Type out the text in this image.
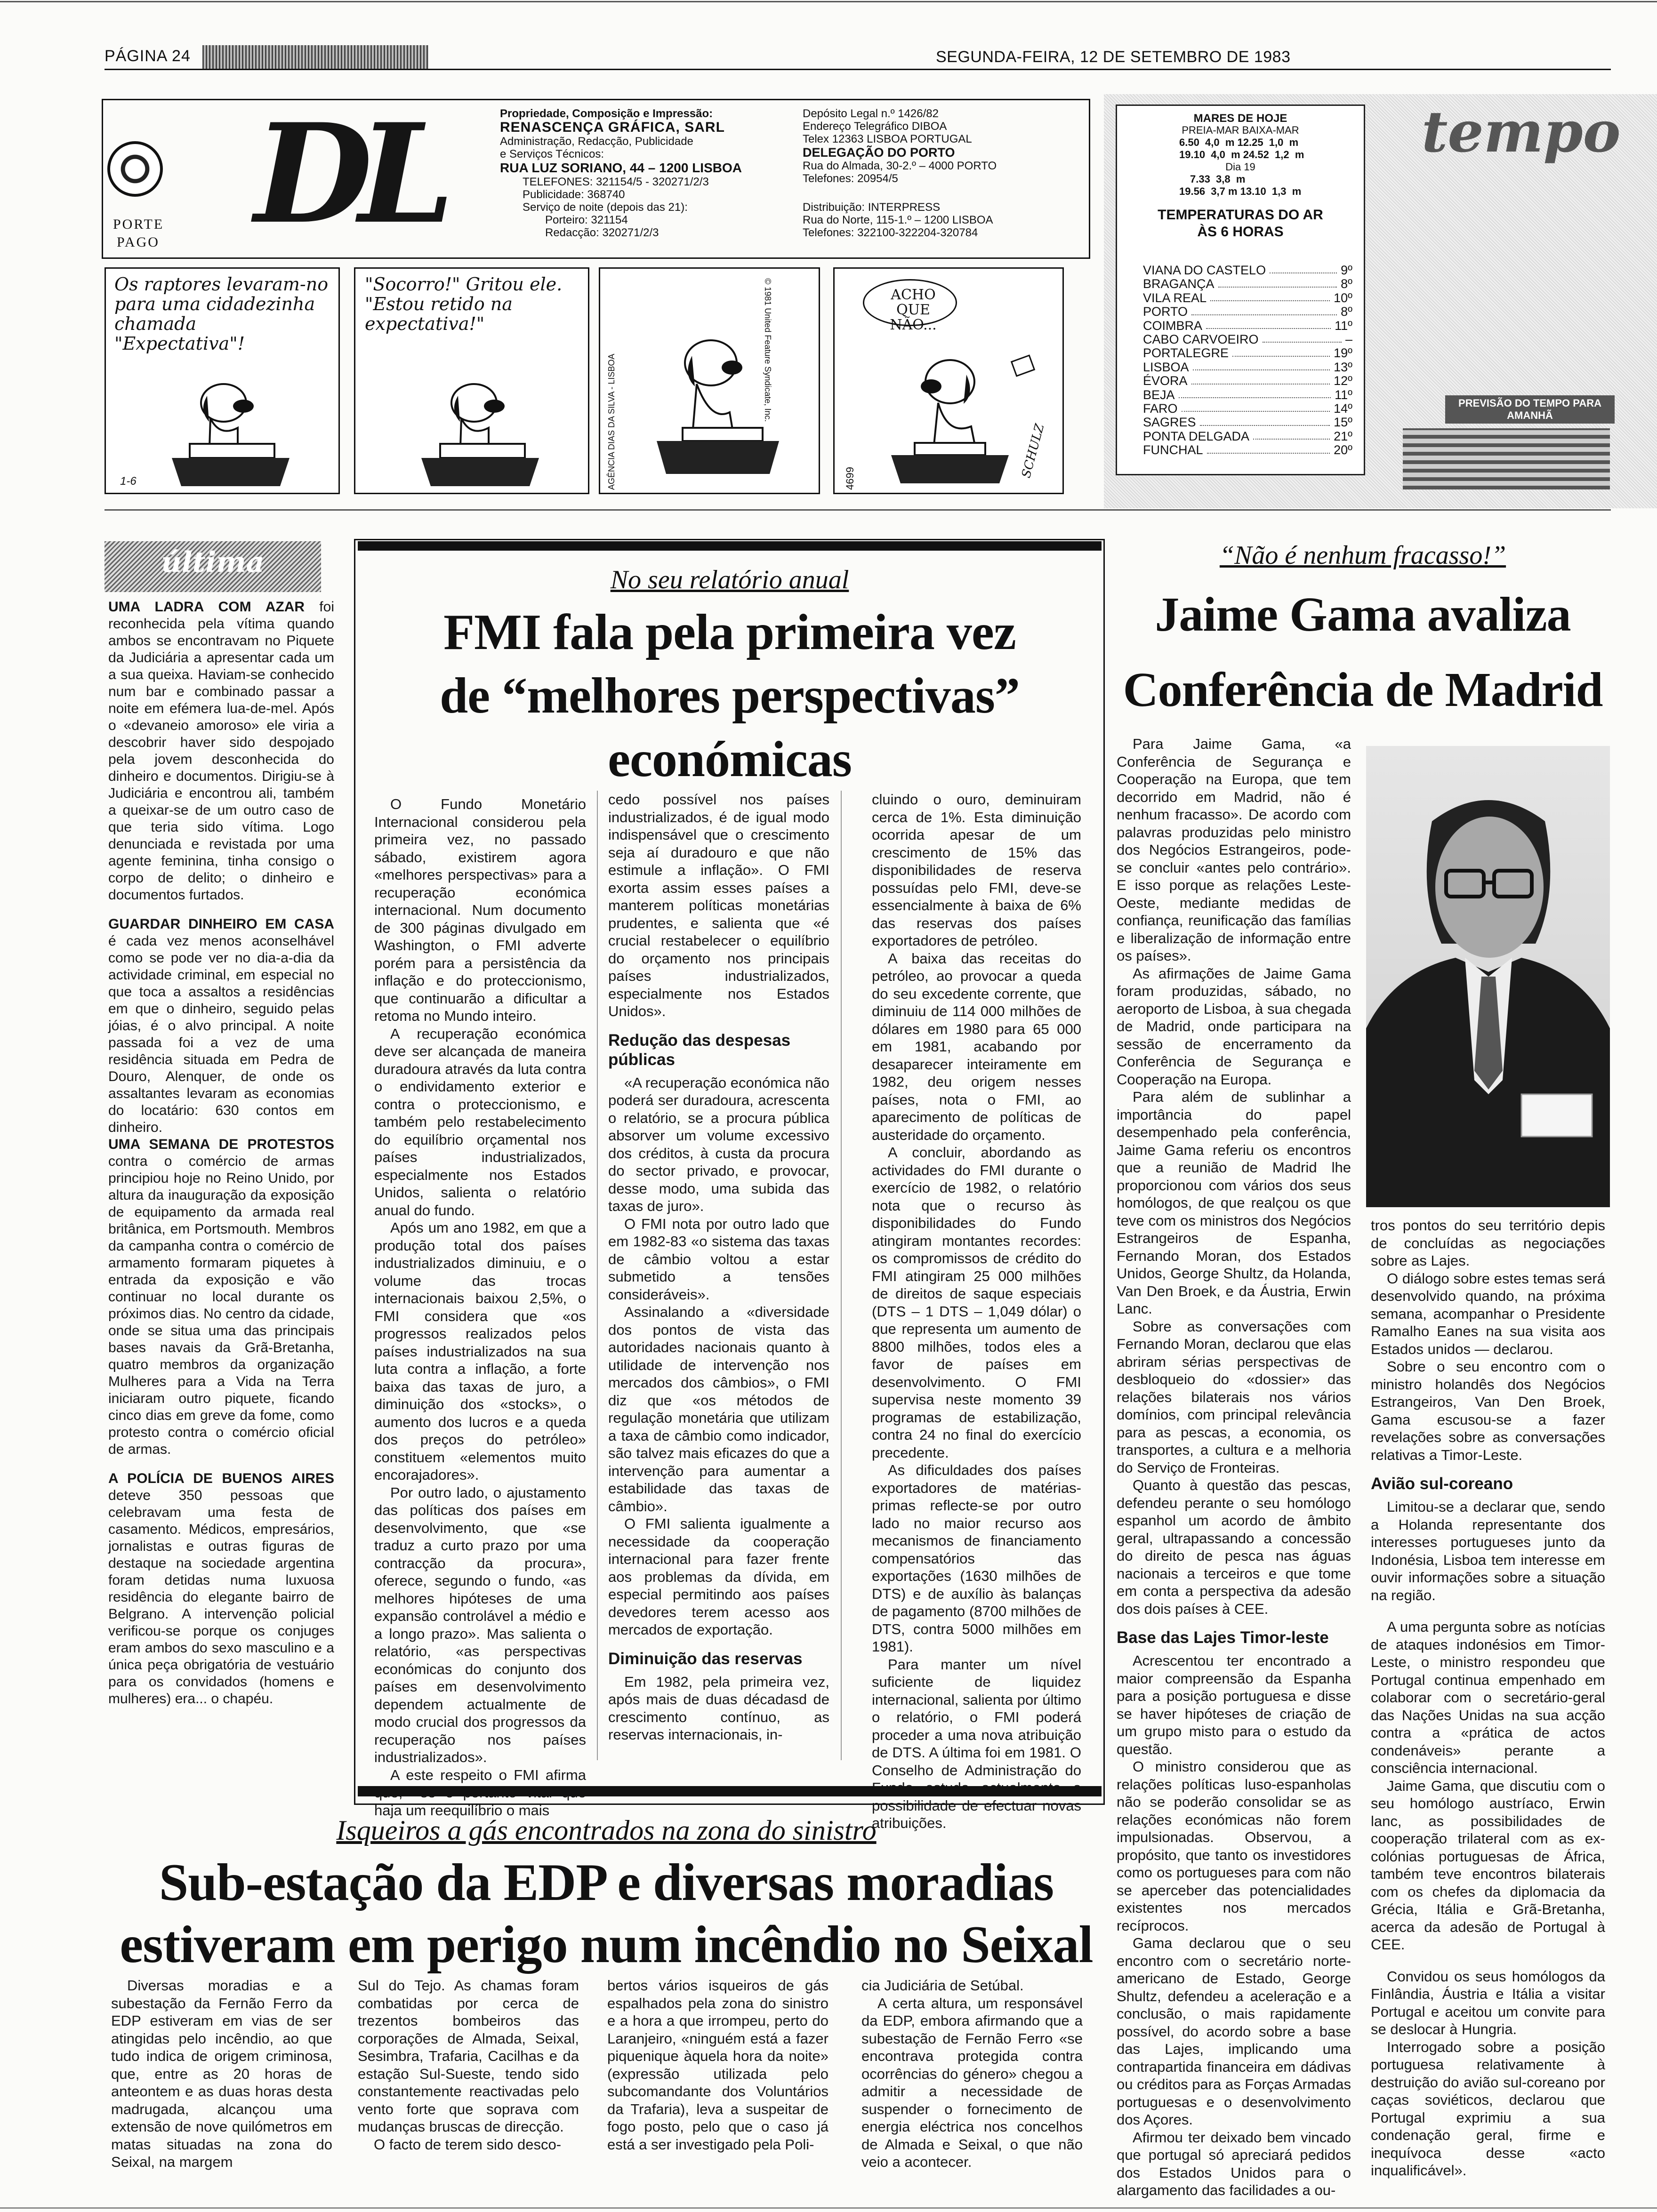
PÁGINA 24	SEGUNDA-FEIRA, 12 DE SETEMBRO DE 1983
PORTE
PAGO DL	Propriedade, Composição e Impressão:
RENASCENÇA GRÁFICA, SARL
Administração, Redacção, Publicidade
e Serviços Técnicos:
RUA LUZ SORIANO, 44 – 1200 LISBOA
TELEFONES: 321154/5 - 320271/2/3
Publicidade: 368740
Serviço de noite (depois das 21):
Porteiro: 321154
Redacção: 320271/2/3
Depósito Legal n.º 1426/82
Endereço Telegráfico DIBOA
Telex 12363 LISBOA PORTUGAL
DELEGAÇÃO DO PORTO
Rua do Almada, 30-2.º – 4000 PORTO
Telefones: 20954/5
Distribuição: INTERPRESS
Rua do Norte, 115-1.º – 1200 LISBOA
Telefones: 322100-322204-320784
Os raptores levaram-no para uma cidadezinha chamada "Expectativa"!
1-6
"Socorro!" Gritou ele. "Estou retido na expectativa!"	© 1981 United Feature Syndicate, Inc.
AGÊNCIA DIAS DA SILVA - LISBOA
ACHO QUE NÃO...
SCHULZ
4699
MARES DE HOJE
PREIA-MAR BAIXA-MAR
6.50  4,0  m 12.25  1,0  m
19.10  4,0  m 24.52  1,2  m
Dia 19
7.33  3,8  m
19.56  3,7 m 13.10  1,3  m
TEMPERATURAS DO AR
ÀS 6 HORAS
VIANA DO CASTELO	9º
BRAGANÇA	8º
VILA REAL	10º
PORTO	8º
COIMBRA	11º
CABO CARVOEIRO	–
PORTALEGRE	19º
LISBOA	13º
ÉVORA	12º
BEJA	11º
FARO	14º
SAGRES	15º
PONTA DELGADA	21º
FUNCHAL	20º
tempo
PREVISÃO DO TEMPO PARA AMANHÃ
última

UMA LADRA COM AZAR foi reconhecida pela vítima quando ambos se encontravam no Piquete da Judiciária a apresentar cada um a sua queixa. Haviam-se conhecido num bar e combinado passar a noite em efémera lua-de-mel. Após o «devaneio amoroso» ele viria a descobrir haver sido despojado pela jovem desconhecida do dinheiro e documentos. Dirigiu-se à Judiciária e encontrou ali, também a queixar-se de um outro caso de que teria sido vítima. Logo denunciada e revistada por uma agente feminina, tinha consigo o corpo de delito; o dinheiro e documentos furtados.

GUARDAR DINHEIRO EM CASA é cada vez menos aconselhável como se pode ver no dia-a-dia da actividade criminal, em especial no que toca a assaltos a residências em que o dinheiro, seguido pelas jóias, é o alvo principal. A noite passada foi a vez de uma residência situada em Pedra de Douro, Alenquer, de onde os assaltantes levaram as economias do locatário: 630 contos em dinheiro.

UMA SEMANA DE PROTESTOS contra o comércio de armas principiou hoje no Reino Unido, por altura da inauguração da exposição de equipamento da armada real britânica, em Portsmouth. Membros da campanha contra o comércio de armamento formaram piquetes à entrada da exposição e vão continuar no local durante os próximos dias. No centro da cidade, onde se situa uma das principais bases navais da Grã-Bretanha, quatro membros da organização Mulheres para a Vida na Terra iniciaram outro piquete, ficando cinco dias em greve da fome, como protesto contra o comércio oficial de armas.

A POLÍCIA DE BUENOS AIRES deteve 350 pessoas que celebravam uma festa de casamento. Médicos, empresários, jornalistas e outras figuras de destaque na sociedade argentina foram detidas numa luxuosa residência do elegante bairro de Belgrano. A intervenção policial verificou-se porque os conjuges eram ambos do sexo masculino e a única peça obrigatória de vestuário para os convidados (homens e mulheres) era... o chapéu.

No seu relatório anual
FMI fala pela primeira vez
de “melhores perspectivas”
económicas

O Fundo Monetário Internacional considerou pela primeira vez, no passado sábado, existirem agora «melhores perspectivas» para a recuperação económica internacional. Num documento de 300 páginas divulgado em Washington, o FMI adverte porém para a persistência da inflação e do proteccionismo, que continuarão a dificultar a retoma no Mundo inteiro.

A recuperação económica deve ser alcançada de maneira duradoura através da luta contra o endividamento exterior e contra o proteccionismo, e também pelo restabelecimento do equilíbrio orçamental nos países industrializados, especialmente nos Estados Unidos, salienta o relatório anual do fundo.

Após um ano 1982, em que a produção total dos países industrializados diminuiu, e o volume das trocas internacionais baixou 2,5%, o FMI considera que «os progressos realizados pelos países industrializados na sua luta contra a inflação, a forte baixa das taxas de juro, a diminuição dos «stocks», o aumento dos lucros e a queda dos preços do petróleo» constituem «elementos muito encorajadores».

Por outro lado, o ajustamento das políticas dos países em desenvolvimento, que «se traduz a curto prazo por uma contracção da procura», oferece, segundo o fundo, «as melhores hipóteses de uma expansão controlável a médio e a longo prazo». Mas salienta o relatório, «as perspectivas económicas do conjunto dos países em desenvolvimento dependem actualmente de modo crucial dos progressos da recuperação nos países industrializados».

A este respeito o FMI afirma haja um reequilíbrio o mais

cedo possível nos países industrializados, é de igual modo indispensável que o crescimento seja aí duradouro e que não estimule a inflação». O FMI exorta assim esses países a manterem políticas monetárias prudentes, e salienta que «é crucial restabelecer o equilíbrio do orçamento nos principais países industrializados, especialmente nos Estados Unidos».

Redução das despesas públicas

«A recuperação económica não poderá ser duradoura, acrescenta o relatório, se a procura pública absorver um volume excessivo dos créditos, à custa da procura do sector privado, e provocar, desse modo, uma subida das taxas de juro».

O FMI nota por outro lado que em 1982-83 «o sistema das taxas de câmbio voltou a estar submetido a tensões consideráveis».

Assinalando a «diversidade dos pontos de vista das autoridades nacionais quanto à utilidade de intervenção nos mercados dos câmbios», o FMI diz que «os métodos de regulação monetária que utilizam a taxa de câmbio como indicador, são talvez mais eficazes do que a intervenção para aumentar a estabilidade das taxas de câmbio».

O FMI salienta igualmente a necessidade da cooperação internacional para fazer frente aos problemas da dívida, em especial permitindo aos países devedores terem acesso aos mercados de exportação.

Diminuição das reservas

Em 1982, pela primeira vez, após mais de duas décadasd de crescimento contínuo, as reservas internacionais, in-

cluindo o ouro, deminuiram cerca de 1%. Esta diminuição ocorrida apesar de um crescimento de 15% das disponibilidades de reserva possuídas pelo FMI, deve-se essencialmente à baixa de 6% das reservas dos países exportadores de petróleo.

A baixa das receitas do petróleo, ao provocar a queda do seu excedente corrente, que diminuiu de 114 000 milhões de dólares em 1980 para 65 000 em 1981, acabando por desaparecer inteiramente em 1982, deu origem nesses países, nota o FMI, ao aparecimento de políticas de austeridade do orçamento.

A concluir, abordando as actividades do FMI durante o exercício de 1982, o relatório nota que o recurso às disponibilidades do Fundo atingiram montantes recordes: os compromissos de crédito do FMI atingiram 25 000 milhões de direitos de saque especiais (DTS – 1 DTS – 1,049 dólar) o que representa um aumento de 8800 milhões, todos eles a favor de países em desenvolvimento. O FMI supervisa neste momento 39 programas de estabilização, contra 24 no final do exercício precedente.

As dificuldades dos países exportadores de matérias-primas reflecte-se por outro lado no maior recurso aos mecanismos de financiamento compensatórios das exportações (1630 milhões de DTS) e de auxílio às balanças de pagamento (8700 milhões de DTS, contra 5000 milhões em 1981).

Para manter um nível suficiente de liquidez internacional, salienta por último o relatório, o FMI poderá proceder a uma nova atribuição de DTS. A última foi em 1981. O Conselho de Administração do possibilidade de efectuar novas atribuições.

“Não é nenhum fracasso!”
Jaime Gama avaliza
Conferência de Madrid

Para Jaime Gama, «a Conferência de Segurança e Cooperação na Europa, que tem decorrido em Madrid, não é nenhum fracasso». De acordo com palavras produzidas pelo ministro dos Negócios Estrangeiros, pode-se concluir «antes pelo contrário». E isso porque as relações Leste-Oeste, mediante medidas de confiança, reunificação das famílias e liberalização de informação entre os países».

As afirmações de Jaime Gama foram produzidas, sábado, no aeroporto de Lisboa, à sua chegada de Madrid, onde participara na sessão de encerramento da Conferência de Segurança e Cooperação na Europa.

Para além de sublinhar a importância do papel desempenhado pela conferência, Jaime Gama referiu os encontros que a reunião de Madrid lhe proporcionou com vários dos seus homólogos, de que realçou os que teve com os ministros dos Negócios Estrangeiros de Espanha, Fernando Moran, dos Estados Unidos, George Shultz, da Holanda, Van Den Broek, e da Áustria, Erwin Lanc.

Sobre as conversações com Fernando Moran, declarou que elas abriram sérias perspectivas de desbloqueio do «dossier» das relações bilaterais nos vários domínios, com principal relevância para as pescas, a economia, os transportes, a cultura e a melhoria do Serviço de Fronteiras.

Quanto à questão das pescas, defendeu perante o seu homólogo espanhol um acordo de âmbito geral, ultrapassando a concessão do direito de pesca nas águas nacionais a terceiros e que tome em conta a perspectiva da adesão dos dois países à CEE.

Base das Lajes Timor-leste

Acrescentou ter encontrado a maior compreensão da Espanha para a posição portuguesa e disse se haver hipóteses de criação de um grupo misto para o estudo da questão.

O ministro considerou que as relações políticas luso-espanholas não se poderão consolidar se as relações económicas não forem impulsionadas. Observou, a propósito, que tanto os investidores como os portugueses para com não se aperceber das potencialidades existentes nos mercados recíprocos.

Gama declarou que o seu encontro com o secretário norte-americano de Estado, George Shultz, defendeu a aceleração e a conclusão, o mais rapidamente possível, do acordo sobre a base das Lajes, implicando uma contrapartida financeira em dádivas ou créditos para as Forças Armadas portuguesas e o desenvolvimento dos Açores.

Afirmou ter deixado bem vincado que portugal só apreciará pedidos dos Estados Unidos para o alargamento das facilidades a ou-

tros pontos do seu território depis de concluídas as negociações sobre as Lajes.

O diálogo sobre estes temas será desenvolvido quando, na próxima semana, acompanhar o Presidente Ramalho Eanes na sua visita aos Estados unidos — declarou.

Sobre o seu encontro com o ministro holandês dos Negócios Estrangeiros, Van Den Broek, Gama escusou-se a fazer revelações sobre as conversações relativas a Timor-Leste.

Avião sul-coreano

Limitou-se a declarar que, sendo a Holanda representante dos interesses portugueses junto da Indonésia, Lisboa tem interesse em ouvir informações sobre a situação na região.

A uma pergunta sobre as notícias de ataques indonésios em Timor-Leste, o ministro respondeu que Portugal continua empenhado em colaborar com o secretário-geral das Nações Unidas na sua acção contra a «prática de actos condenáveis» perante a consciência internacional.

Jaime Gama, que discutiu com o seu homólogo austríaco, Erwin lanc, as possibilidades de cooperação trilateral com as ex-colónias portuguesas de África, também teve encontros bilaterais com os chefes da diplomacia da Grécia, Itália e Grã-Bretanha, acerca da adesão de Portugal à CEE.

Convidou os seus homólogos da Finlândia, Áustria e Itália a visitar Portugal e aceitou um convite para se deslocar à Hungria.

Interrogado sobre a posição portuguesa relativamente à destruição do avião sul-coreano por caças soviéticos, declarou que Portugal exprimiu a sua condenação geral, firme e inequívoca desse «acto inqualificável».

Isqueiros a gás encontrados na zona do sinistro
Sub-estação da EDP e diversas moradias
estiveram em perigo num incêndio no Seixal

Diversas moradias e a subestação da Fernão Ferro da EDP estiveram em vias de ser atingidas pelo incêndio, ao que tudo indica de origem criminosa, que, entre as 20 horas de anteontem e as duas horas desta madrugada, alcançou uma extensão de nove quilómetros em matas situadas na zona do Seixal, na margem

Sul do Tejo. As chamas foram combatidas por cerca de trezentos bombeiros das corporações de Almada, Seixal, Sesimbra, Trafaria, Cacilhas e da estação Sul-Sueste, tendo sido constantemente reactivadas pelo vento forte que soprava com mudanças bruscas de direcção.

O facto de terem sido desco-

bertos vários isqueiros de gás espalhados pela zona do sinistro e a hora a que irrompeu, perto do Laranjeiro, «ninguém está a fazer piquenique àquela hora da noite» (expressão utilizada pelo subcomandante dos Voluntários da Trafaria), leva a suspeitar de fogo posto, pelo que o caso já está a ser investigado pela Poli-

cia Judiciária de Setúbal.

A certa altura, um responsável da EDP, embora afirmando que a subestação de Fernão Ferro «se encontrava protegida contra ocorrências do género» chegou a admitir a necessidade de suspender o fornecimento de energia eléctrica nos concelhos de Almada e Seixal, o que não veio a acontecer.
